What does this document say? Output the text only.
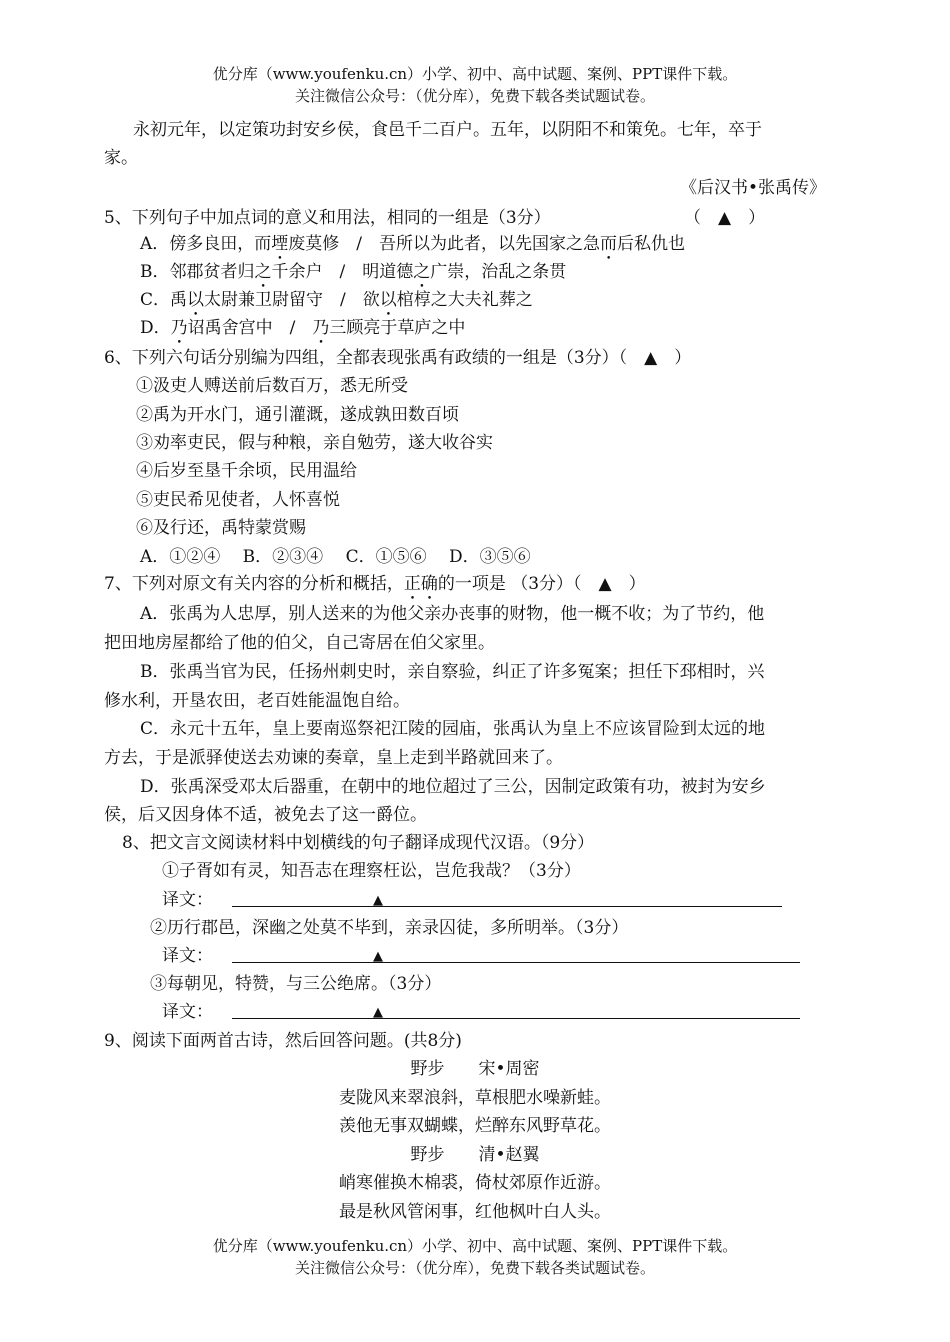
优分库（www.youfenku.cn）小学、初中、高中试题、案例、PPT课件下载。
关注微信公众号：（优分库），免费下载各类试题试卷。
永初元年，以定策功封安乡侯，食邑千二百户。五年，以阴阳不和策免。七年，卒于
家。
《后汉书•张禹传》
5、下列句子中加点词的意义和用法，相同的一组是（3分）	（　▲　）
A．傍多良田，而堙废莫修　/　吾所以为此者，以先国家之急而后私仇也
B．邻郡贫者归之千余户　/　明道德之广崇，治乱之条贯
C．禹以太尉兼卫尉留守　/　欲以棺椁之大夫礼葬之
D．乃诏禹舍宫中　/　乃三顾亮于草庐之中
6、下列六句话分别编为四组，全都表现张禹有政绩的一组是（3分）（　▲　）
①汲吏人赙送前后数百万，悉无所受
②禹为开水门，通引灌溉，遂成孰田数百顷
③劝率吏民，假与种粮，亲自勉劳，遂大收谷实
④后岁至垦千余顷，民用温给
⑤吏民希见使者，人怀喜悦
⑥及行还，禹特蒙赏赐
A．①②④　 B．②③④　 C．①⑤⑥　 D．③⑤⑥
7、下列对原文有关内容的分析和概括，正确的一项是 （3分）（　▲　）
A．张禹为人忠厚，别人送来的为他父亲办丧事的财物，他一概不收；为了节约，他
把田地房屋都给了他的伯父，自己寄居在伯父家里。
B．张禹当官为民，任扬州刺史时，亲自察验，纠正了许多冤案；担任下邳相时，兴
修水利，开垦农田，老百姓能温饱自给。
C．永元十五年，皇上要南巡祭祀江陵的园庙，张禹认为皇上不应该冒险到太远的地
方去，于是派驿使送去劝谏的奏章，皇上走到半路就回来了。
D．张禹深受邓太后器重，在朝中的地位超过了三公，因制定政策有功，被封为安乡
侯，后又因身体不适，被免去了这一爵位。
8、把文言文阅读材料中划横线的句子翻译成现代汉语。（9分）
①子胥如有灵，知吾志在理察枉讼，岂危我哉？（3分）
译文：	▲
②历行郡邑，深幽之处莫不毕到，亲录囚徒，多所明举。（3分）
译文：	▲
③每朝见，特赞，与三公绝席。（3分）
译文：	▲
9、阅读下面两首古诗，然后回答问题。(共8分)
野步　　宋•周密
麦陇风来翠浪斜，草根肥水噪新蛙。
羡他无事双蝴蝶，烂醉东风野草花。
野步　　清•赵翼
峭寒催换木棉裘，倚杖郊原作近游。
最是秋风管闲事，红他枫叶白人头。
优分库（www.youfenku.cn）小学、初中、高中试题、案例、PPT课件下载。
关注微信公众号：（优分库），免费下载各类试题试卷。
